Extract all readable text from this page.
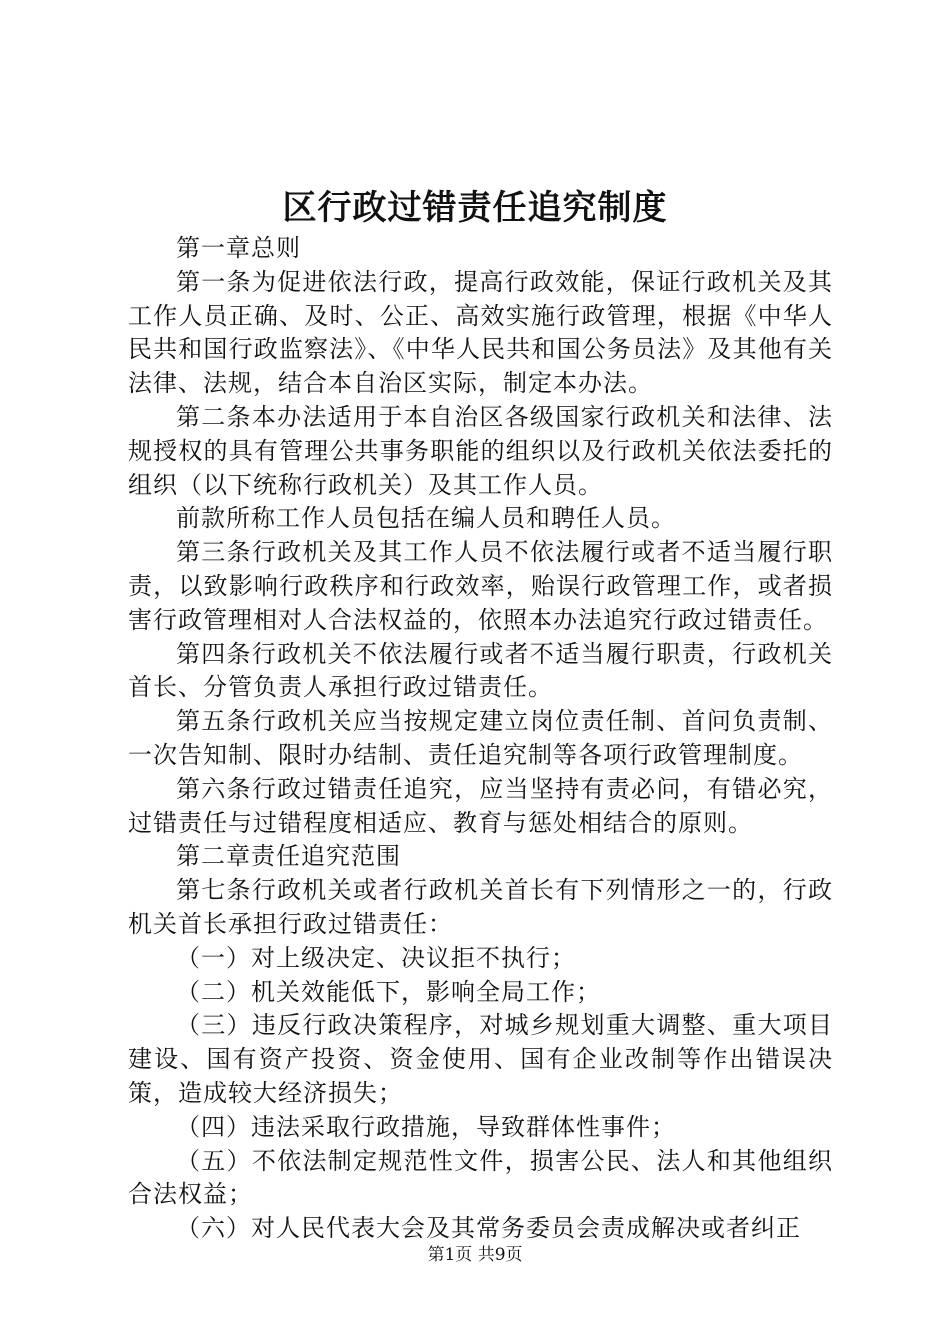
区行政过错责任追究制度

第一章总则

第一条为促进依法行政，提高行政效能，保证行政机关及其工作人员正确、及时、公正、高效实施行政管理，根据《中华人民共和国行政监察法》、《中华人民共和国公务员法》及其他有关法律、法规，结合本自治区实际，制定本办法。

第二条本办法适用于本自治区各级国家行政机关和法律、法规授权的具有管理公共事务职能的组织以及行政机关依法委托的组织（以下统称行政机关）及其工作人员。

前款所称工作人员包括在编人员和聘任人员。

第三条行政机关及其工作人员不依法履行或者不适当履行职责，以致影响行政秩序和行政效率，贻误行政管理工作，或者损害行政管理相对人合法权益的，依照本办法追究行政过错责任。

第四条行政机关不依法履行或者不适当履行职责，行政机关首长、分管负责人承担行政过错责任。

第五条行政机关应当按规定建立岗位责任制、首问负责制、一次告知制、限时办结制、责任追究制等各项行政管理制度。

第六条行政过错责任追究，应当坚持有责必问，有错必究，过错责任与过错程度相适应、教育与惩处相结合的原则。

第二章责任追究范围

第七条行政机关或者行政机关首长有下列情形之一的，行政机关首长承担行政过错责任：

（一）对上级决定、决议拒不执行；

（二）机关效能低下，影响全局工作；

（三）违反行政决策程序，对城乡规划重大调整、重大项目建设、国有资产投资、资金使用、国有企业改制等作出错误决策，造成较大经济损失；

（四）违法采取行政措施，导致群体性事件；

（五）不依法制定规范性文件，损害公民、法人和其他组织合法权益；

（六）对人民代表大会及其常务委员会责成解决或者纠正

第1页 共9页
